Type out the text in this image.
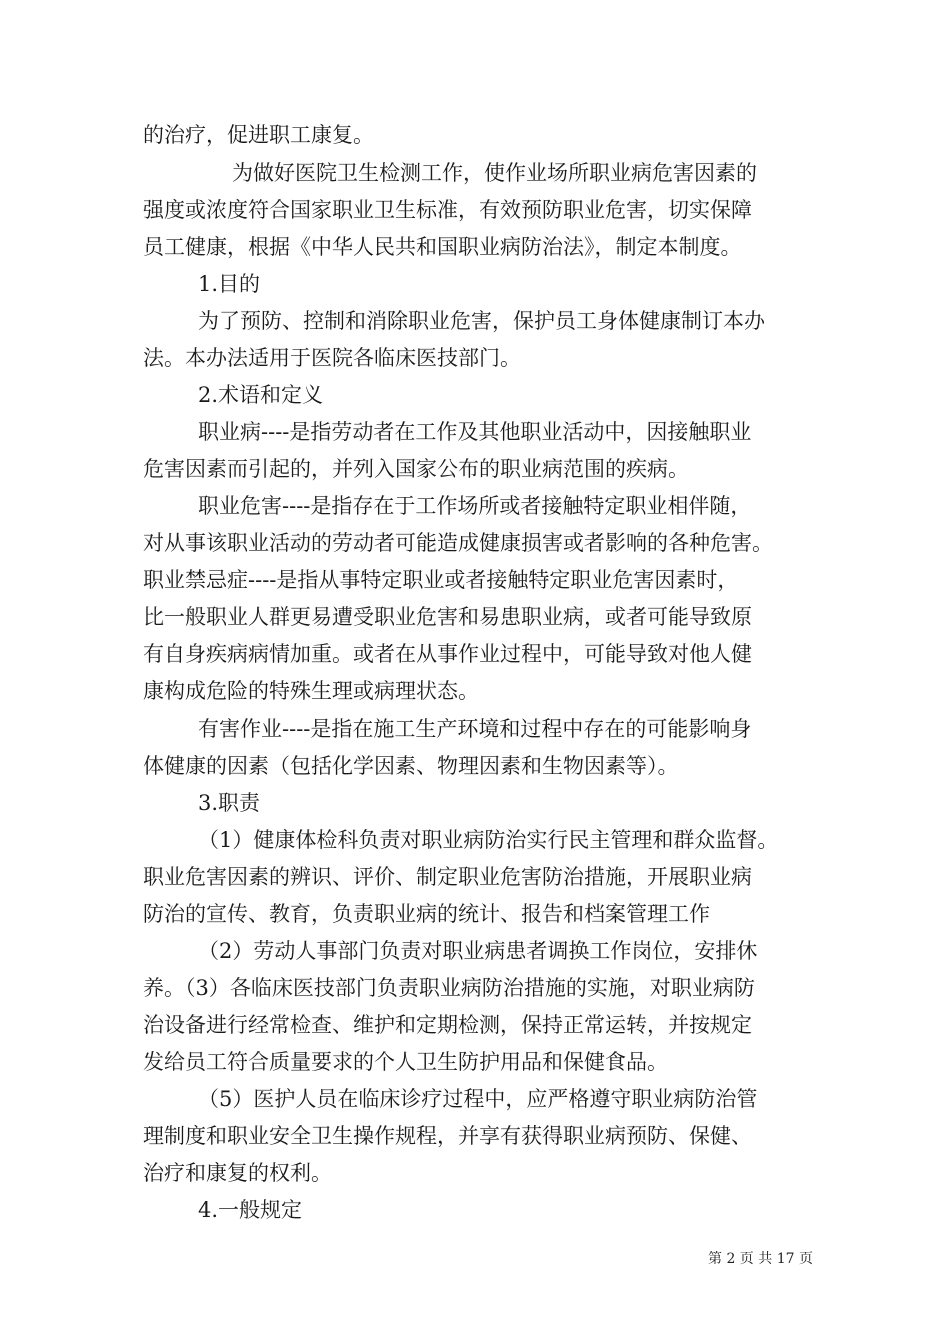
的治疗，促进职工康复。
为做好医院卫生检测工作，使作业场所职业病危害因素的
强度或浓度符合国家职业卫生标准，有效预防职业危害，切实保障
员工健康，根据《中华人民共和国职业病防治法》，制定本制度。
1.目的
为了预防、控制和消除职业危害，保护员工身体健康制订本办
法。本办法适用于医院各临床医技部门。
2.术语和定义
职业病----是指劳动者在工作及其他职业活动中，因接触职业
危害因素而引起的，并列入国家公布的职业病范围的疾病。
职业危害----是指存在于工作场所或者接触特定职业相伴随，
对从事该职业活动的劳动者可能造成健康损害或者影响的各种危害。
职业禁忌症----是指从事特定职业或者接触特定职业危害因素时，
比一般职业人群更易遭受职业危害和易患职业病，或者可能导致原
有自身疾病病情加重。或者在从事作业过程中，可能导致对他人健
康构成危险的特殊生理或病理状态。
有害作业----是指在施工生产环境和过程中存在的可能影响身
体健康的因素（包括化学因素、物理因素和生物因素等）。
3.职责
（1）健康体检科负责对职业病防治实行民主管理和群众监督。
职业危害因素的辨识、评价、制定职业危害防治措施，开展职业病
防治的宣传、教育，负责职业病的统计、报告和档案管理工作
（2）劳动人事部门负责对职业病患者调换工作岗位，安排休
养。（3）各临床医技部门负责职业病防治措施的实施，对职业病防
治设备进行经常检查、维护和定期检测，保持正常运转，并按规定
发给员工符合质量要求的个人卫生防护用品和保健食品。
（5）医护人员在临床诊疗过程中，应严格遵守职业病防治管
理制度和职业安全卫生操作规程，并享有获得职业病预防、保健、
治疗和康复的权利。
4.一般规定
第 2 页 共 17 页
